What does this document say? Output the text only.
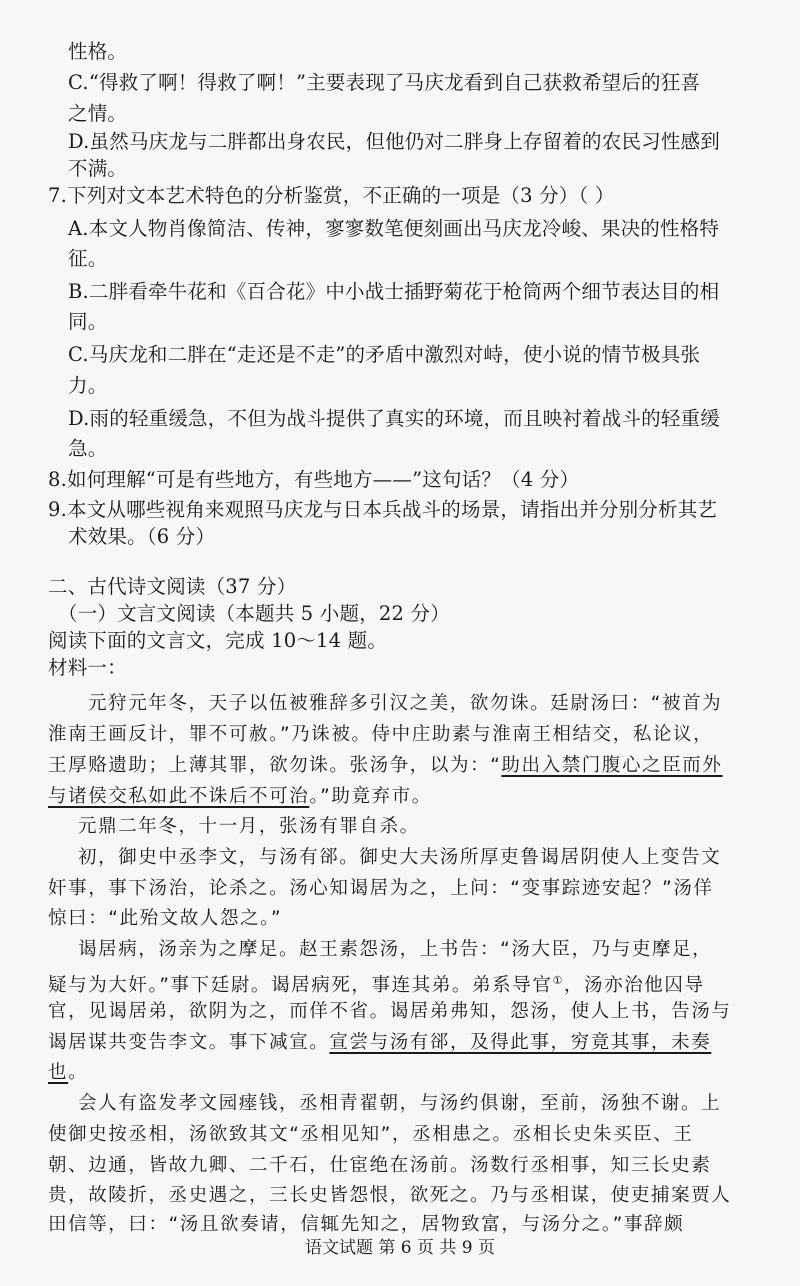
性格。
C.“得救了啊！得救了啊！”主要表现了马庆龙看到自己获救希望后的狂喜
之情。
D.虽然马庆龙与二胖都出身农民，但他仍对二胖身上存留着的农民习性感到
不满。
7.下列对文本艺术特色的分析鉴赏，不正确的一项是（3 分）（ ）
A.本文人物肖像简洁、传神，寥寥数笔便刻画出马庆龙冷峻、果决的性格特
征。
B.二胖看牵牛花和《百合花》中小战士插野菊花于枪筒两个细节表达目的相
同。
C.马庆龙和二胖在“走还是不走”的矛盾中激烈对峙，使小说的情节极具张
力。
D.雨的轻重缓急，不但为战斗提供了真实的环境，而且映衬着战斗的轻重缓
急。
8.如何理解“可是有些地方，有些地方——”这句话？（4 分）
9.本文从哪些视角来观照马庆龙与日本兵战斗的场景，请指出并分别分析其艺
术效果。（6 分）
二、古代诗文阅读（37 分）
（一）文言文阅读（本题共 5 小题，22 分）
阅读下面的文言文，完成 10～14 题。
材料一：
元狩元年冬，天子以伍被雅辞多引汉之美，欲勿诛。廷尉汤曰：“被首为
淮南王画反计，罪不可赦。”乃诛被。侍中庄助素与淮南王相结交，私论议，
王厚赂遗助；上薄其罪，欲勿诛。张汤争，以为：“助出入禁门腹心之臣而外
与诸侯交私如此不诛后不可治。”助竟弃市。
元鼎二年冬，十一月，张汤有罪自杀。
初，御史中丞李文，与汤有郤。御史大夫汤所厚吏鲁谒居阴使人上变告文
奸事，事下汤治，论杀之。汤心知谒居为之，上问：“变事踪迹安起？”汤佯
惊曰：“此殆文故人怨之。”
谒居病，汤亲为之摩足。赵王素怨汤，上书告：“汤大臣，乃与吏摩足，
疑与为大奸。”事下廷尉。谒居病死，事连其弟。弟系导官①，汤亦治他囚导
官，见谒居弟，欲阴为之，而佯不省。谒居弟弗知，怨汤，使人上书，告汤与
谒居谋共变告李文。事下减宣。宣尝与汤有郤，及得此事，穷竟其事，未奏
也。
会人有盗发孝文园瘗钱，丞相青翟朝，与汤约俱谢，至前，汤独不谢。上
使御史按丞相，汤欲致其文“丞相见知”，丞相患之。丞相长史朱买臣、王
朝、边通，皆故九卿、二千石，仕宦绝在汤前。汤数行丞相事，知三长史素
贵，故陵折，丞史遇之，三长史皆怨恨，欲死之。乃与丞相谋，使吏捕案贾人
田信等，曰：“汤且欲奏请，信辄先知之，居物致富，与汤分之。”事辞颇
语文试题 第 6 页 共 9 页
